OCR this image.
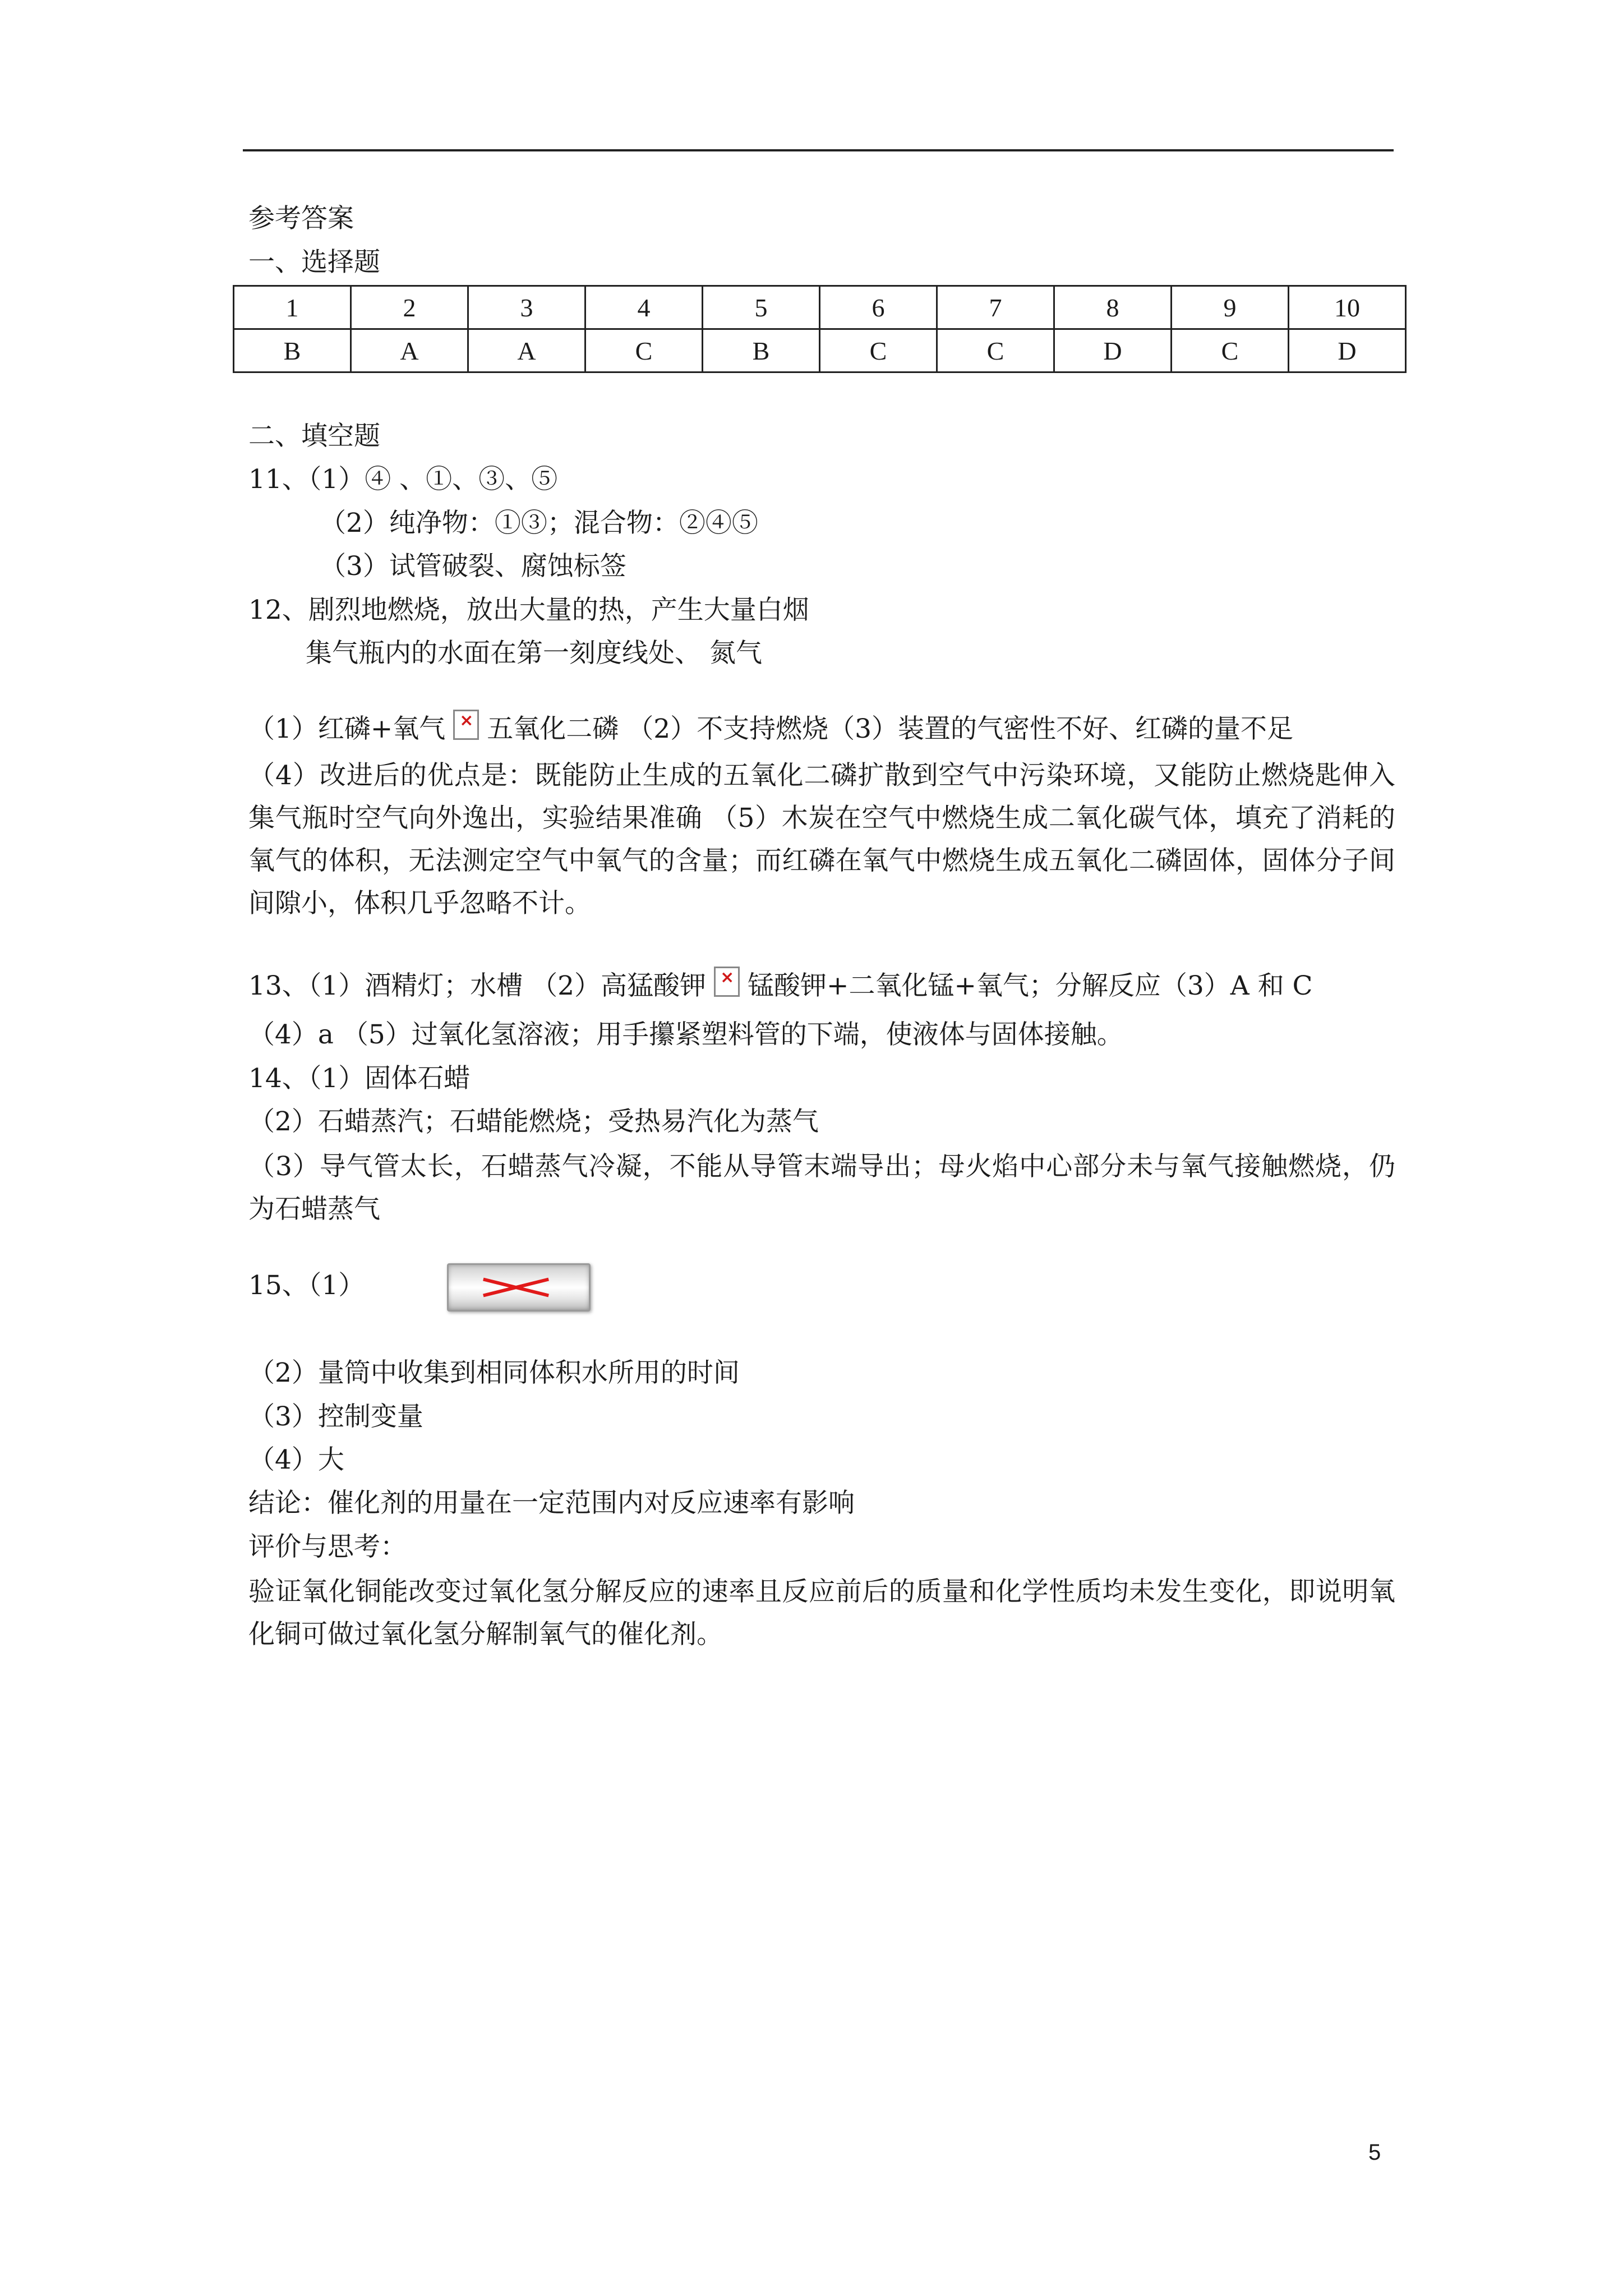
参考答案
一、选择题
1	2	3	4	5	6	7	8	9	10
B	A	A	C	B	C	C	D	C	D
二、填空题
11、（1）④ 、①、③、⑤
（2）纯净物：①③；混合物：②④⑤
（3）试管破裂、腐蚀标签
12、剧烈地燃烧，放出大量的热，产生大量白烟
集气瓶内的水面在第一刻度线处、 氮气
（1）红磷+氧气 × 五氧化二磷 （2）不支持燃烧（3）装置的气密性不好、红磷的量不足
（4）改进后的优点是：既能防止生成的五氧化二磷扩散到空气中污染环境，又能防止燃烧匙伸入集气瓶时空气向外逸出，实验结果准确 （5）木炭在空气中燃烧生成二氧化碳气体，填充了消耗的氧气的体积，无法测定空气中氧气的含量；而红磷在氧气中燃烧生成五氧化二磷固体，固体分子间间隙小，体积几乎忽略不计。
13、（1）酒精灯；水槽 （2）高猛酸钾 × 锰酸钾+二氧化锰+氧气；分解反应（3）A 和 C
（4）a （5）过氧化氢溶液；用手攥紧塑料管的下端，使液体与固体接触。
14、（1）固体石蜡
（2）石蜡蒸汽；石蜡能燃烧；受热易汽化为蒸气
（3）导气管太长，石蜡蒸气冷凝，不能从导管末端导出；母火焰中心部分未与氧气接触燃烧，仍为石蜡蒸气
15、（1）
（2）量筒中收集到相同体积水所用的时间
（3）控制变量
（4）大
结论：催化剂的用量在一定范围内对反应速率有影响
评价与思考：
验证氧化铜能改变过氧化氢分解反应的速率且反应前后的质量和化学性质均未发生变化，即说明氧化铜可做过氧化氢分解制氧气的催化剂。
5
